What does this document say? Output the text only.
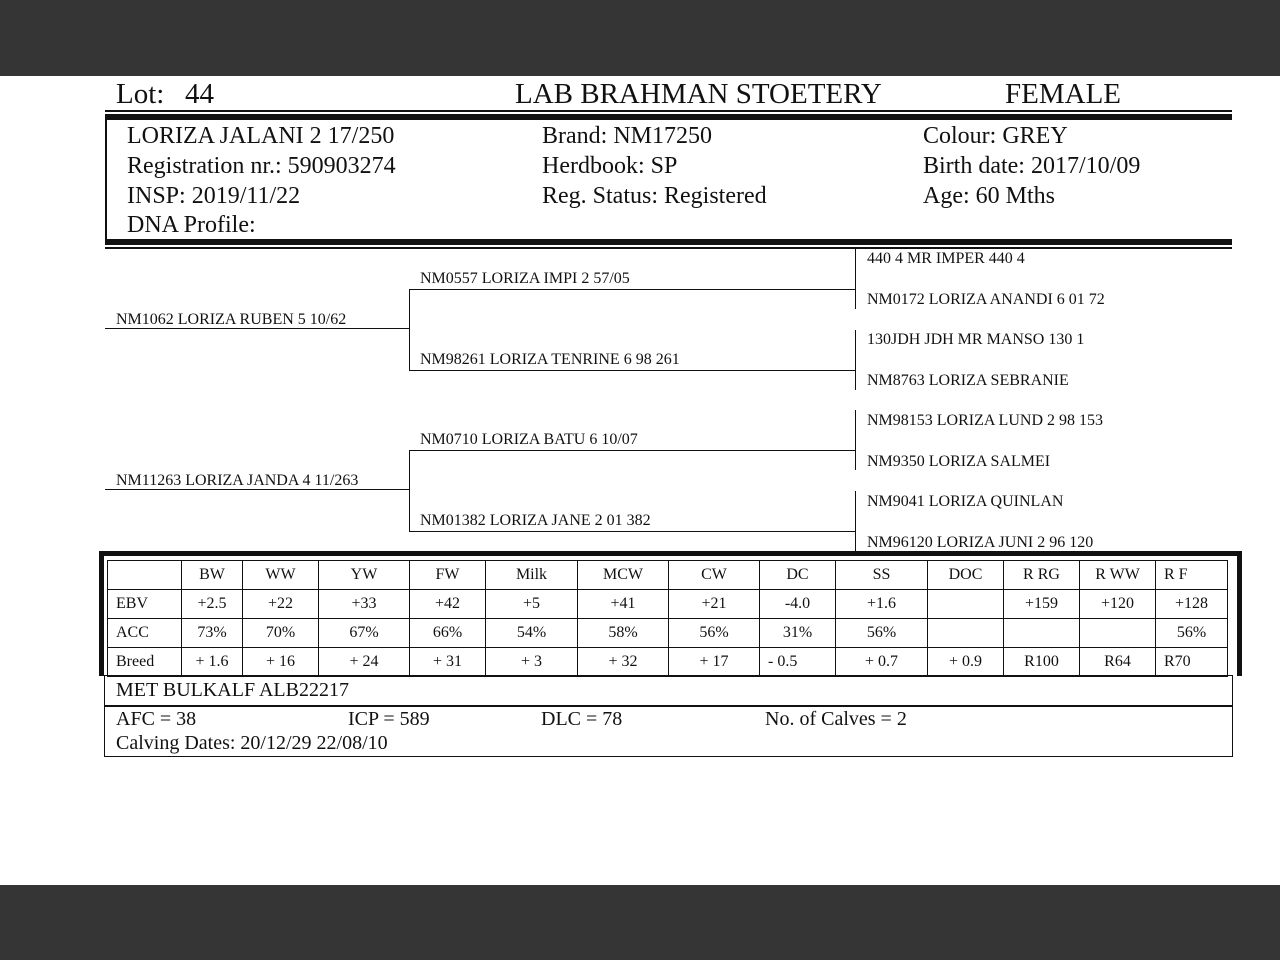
Lot: 44	LAB BRAHMAN STOETERY	FEMALE
LORIZA JALANI 2 17/250
Registration nr.: 590903274
INSP: 2019/11/22
DNA Profile:
Brand: NM17250
Herdbook: SP
Reg. Status: Registered
Colour: GREY
Birth date: 2017/10/09
Age: 60 Mths
NM1062 LORIZA RUBEN 5 10/62
NM11263 LORIZA JANDA 4 11/263
NM0557 LORIZA IMPI 2 57/05
NM98261 LORIZA TENRINE 6 98 261
NM0710 LORIZA BATU 6 10/07
NM01382 LORIZA JANE 2 01 382
440 4 MR IMPER 440 4
NM0172 LORIZA ANANDI 6 01 72
130JDH JDH MR MANSO 130 1
NM8763 LORIZA SEBRANIE
NM98153 LORIZA LUND 2 98 153
NM9350 LORIZA SALMEI
NM9041 LORIZA QUINLAN
NM96120 LORIZA JUNI 2 96 120
	BW	WW	YW	FW	Milk	MCW	CW	DC	SS	DOC	R RG	R WW	R F
EBV	+2.5	+22	+33	+42	+5	+41	+21	-4.0	+1.6		+159	+120	+128
ACC	73%	70%	67%	66%	54%	58%	56%	31%	56%				56%
Breed	+ 1.6	+ 16	+ 24	+ 31	+ 3	+ 32	+ 17	- 0.5	+ 0.7	+ 0.9	R100	R64	R70
MET BULKALF ALB22217
AFC = 38	ICP = 589	DLC = 78	No. of Calves = 2
Calving Dates: 20/12/29 22/08/10
